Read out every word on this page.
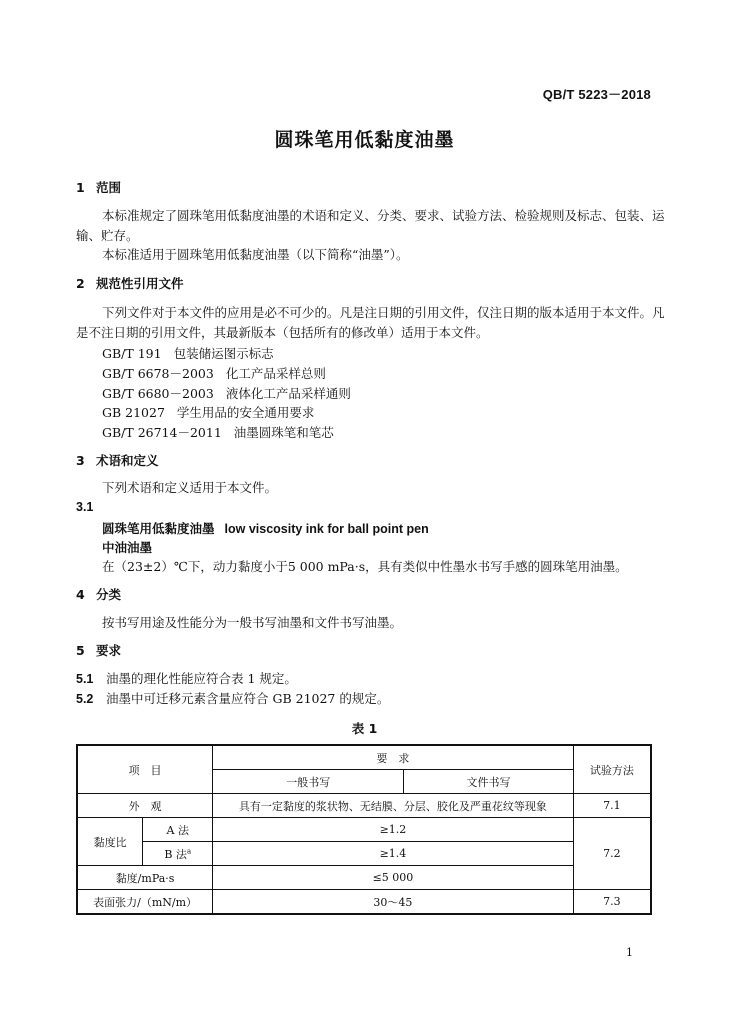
QB/T 5223－2018
圆珠笔用低黏度油墨
1 范围
本标准规定了圆珠笔用低黏度油墨的术语和定义、分类、要求、试验方法、检验规则及标志、包装、运输、贮存。
本标准适用于圆珠笔用低黏度油墨（以下简称“油墨”）。
2 规范性引用文件
下列文件对于本文件的应用是必不可少的。凡是注日期的引用文件，仅注日期的版本适用于本文件。凡是不注日期的引用文件，其最新版本（包括所有的修改单）适用于本文件。
GB/T 191 包装储运图示标志
GB/T 6678－2003 化工产品采样总则
GB/T 6680－2003 液体化工产品采样通则
GB 21027 学生用品的安全通用要求
GB/T 26714－2011 油墨圆珠笔和笔芯
3 术语和定义
下列术语和定义适用于本文件。
3.1
圆珠笔用低黏度油墨 low viscosity ink for ball point pen
中油油墨
在（23±2）℃下，动力黏度小于5 000 mPa·s，具有类似中性墨水书写手感的圆珠笔用油墨。
4 分类
按书写用途及性能分为一般书写油墨和文件书写油墨。
5 要求
5.1 油墨的理化性能应符合表 1 规定。
5.2 油墨中可迁移元素含量应符合 GB 21027 的规定。
表 1
项　目		要　求		试验方法
		一般书写	文件书写	
外　观		具有一定黏度的浆状物、无结膜、分层、胶化及严重花纹等现象		7.1
黏度比	A 法	≥1.2		7.2
	B 法$^a$	≥1.4		
黏度/mPa·s		≤5 000		
表面张力/（mN/m）		30～45		7.3
1
